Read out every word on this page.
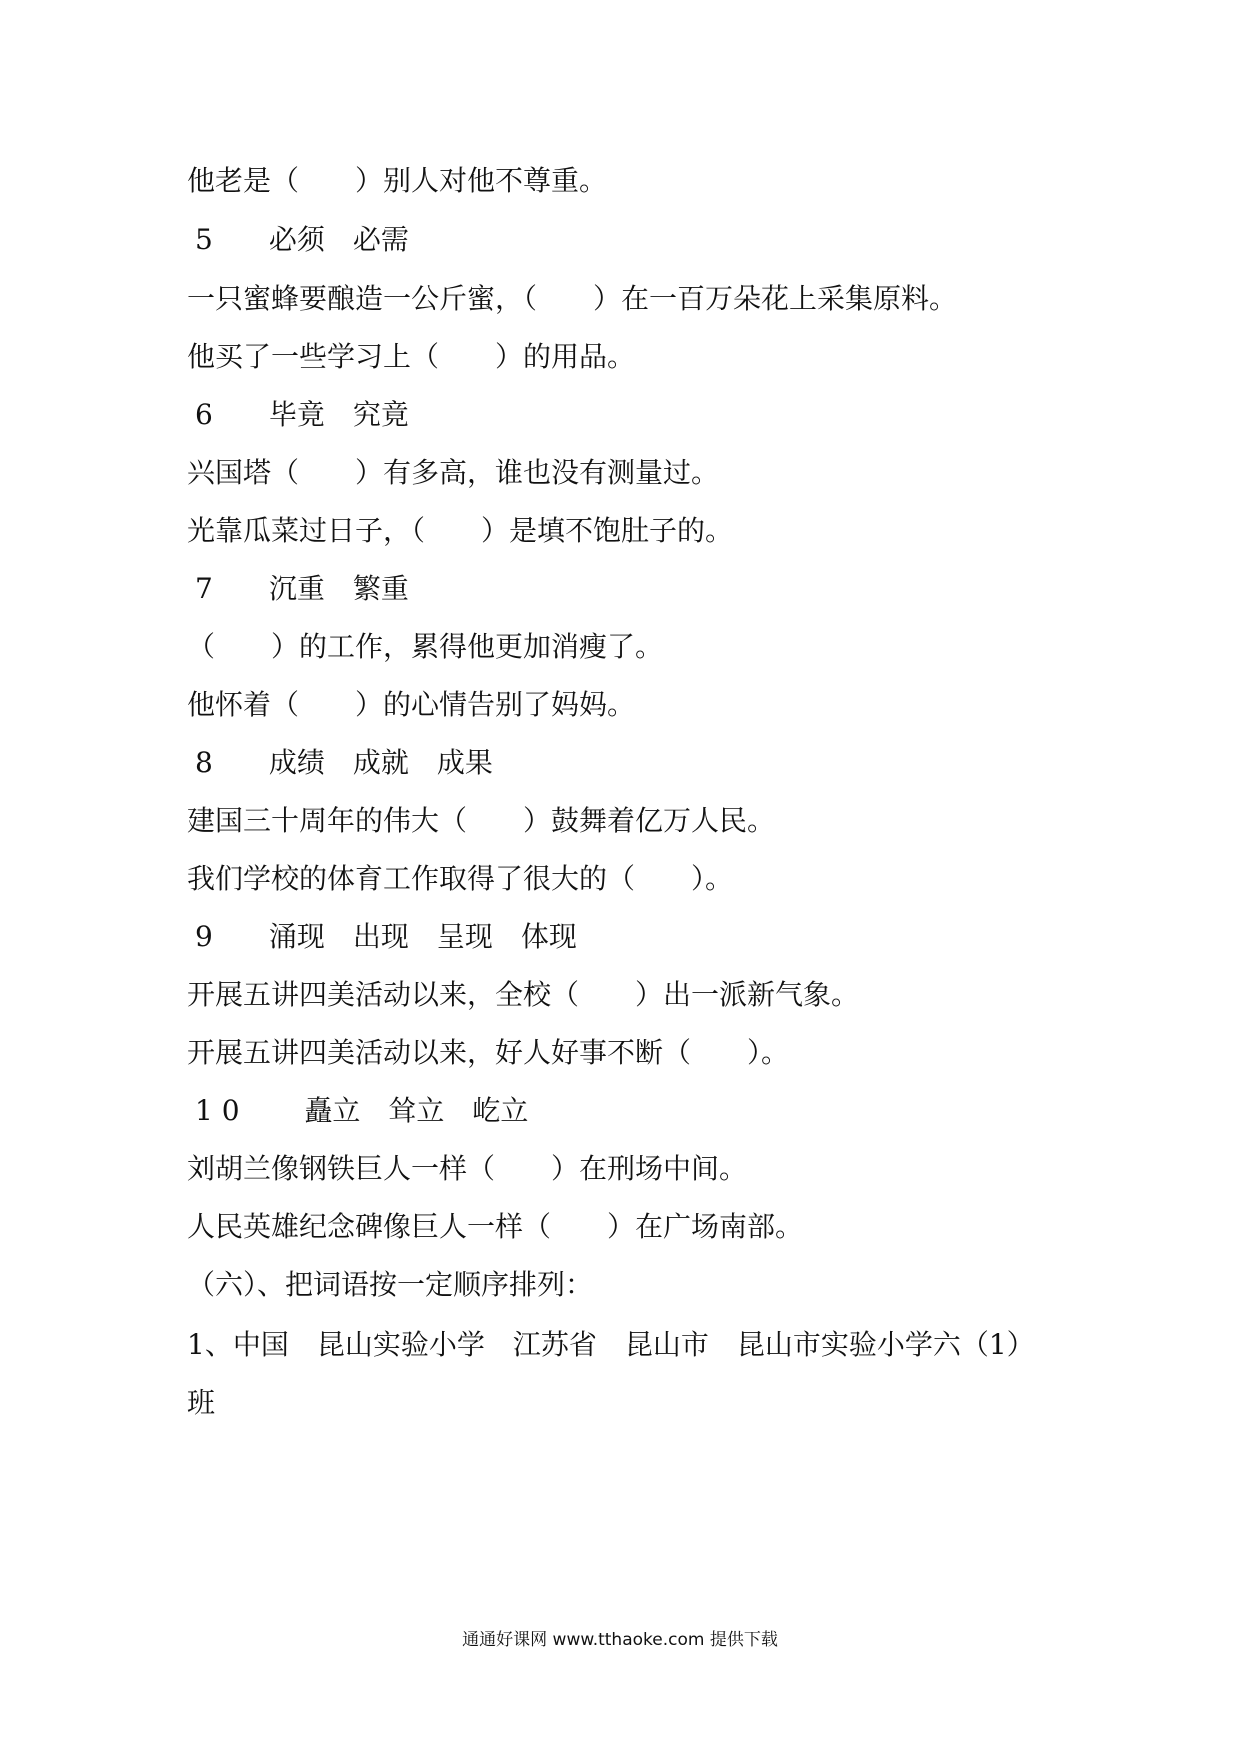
他老是（　　）别人对他不尊重。
5　　必须　必需
一只蜜蜂要酿造一公斤蜜，（　　）在一百万朵花上采集原料。
他买了一些学习上（　　）的用品。
6　　毕竟　究竟
兴国塔（　　）有多高，谁也没有测量过。
光靠瓜菜过日子，（　　）是填不饱肚子的。
7　　沉重　繁重
（　　）的工作，累得他更加消瘦了。
他怀着（　　）的心情告别了妈妈。
8　　成绩　成就　成果
建国三十周年的伟大（　　）鼓舞着亿万人民。
我们学校的体育工作取得了很大的（　　）。
9　　涌现　出现　呈现　体现
开展五讲四美活动以来，全校（　　）出一派新气象。
开展五讲四美活动以来，好人好事不断（　　）。
1 0 　　矗立　耸立　屹立
刘胡兰像钢铁巨人一样（　　）在刑场中间。
人民英雄纪念碑像巨人一样（　　）在广场南部。
（六）、把词语按一定顺序排列：
1、中国　昆山实验小学　江苏省　昆山市　昆山市实验小学六（1）
班
通通好课网 www.tthaoke.com 提供下载
